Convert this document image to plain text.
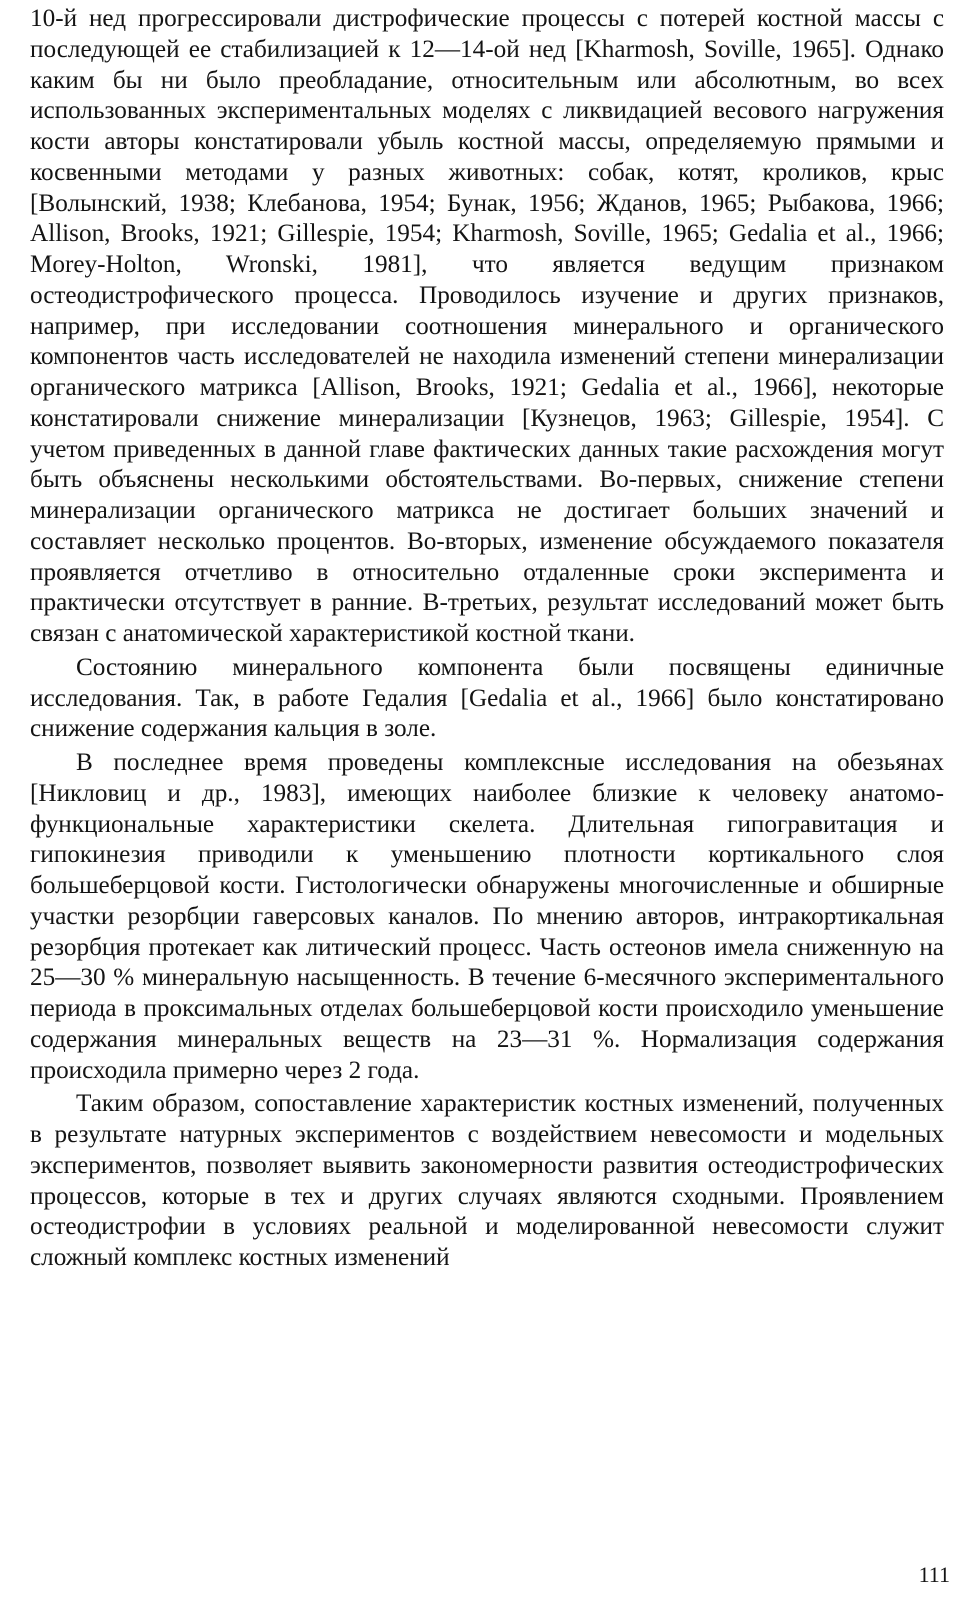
10-й нед прогрессировали дистрофические процессы с потерей костной массы с последующей ее стабилизацией к 12—14-ой нед [Kharmosh, Soville, 1965]. Однако каким бы ни было преобладание, относительным или абсолютным, во всех использованных экспериментальных моделях с ликвидацией весового нагружения кости авторы констатировали убыль костной массы, определяемую прямыми и косвенными методами у разных животных: собак, котят, кроликов, крыс [Волынский, 1938; Клебанова, 1954; Бунак, 1956; Жданов, 1965; Рыбакова, 1966; Allison, Brooks, 1921; Gillespie, 1954; Kharmosh, Soville, 1965; Gedalia et al., 1966; Morey-Holton, Wronski, 1981], что является ведущим признаком остеодистрофического процесса. Проводилось изучение и других признаков, например, при исследовании соотношения минерального и органического компонентов часть исследователей не находила изменений степени минерализации органического матрикса [Allison, Brooks, 1921; Gedalia et al., 1966], некоторые констатировали снижение минерализации [Кузнецов, 1963; Gillespie, 1954]. С учетом приведенных в данной главе фактических данных такие расхождения могут быть объяснены несколькими обстоятельствами. Во-первых, снижение степени минерализации органического матрикса не достигает больших значений и составляет несколько процентов. Во-вторых, изменение обсуждаемого показателя проявляется отчетливо в относительно отдаленные сроки эксперимента и практически отсутствует в ранние. В-третьих, результат исследований может быть связан с анатомической характеристикой костной ткани.

Состоянию минерального компонента были посвящены единичные исследования. Так, в работе Гедалия [Gedalia et al., 1966] было констатировано снижение содержания кальция в золе.

В последнее время проведены комплексные исследования на обезьянах [Никловиц и др., 1983], имеющих наиболее близкие к человеку анатомо-функциональные характеристики скелета. Длительная гипогравитация и гипокинезия приводили к уменьшению плотности кортикального слоя большеберцовой кости. Гистологически обнаружены многочисленные и обширные участки резорбции гаверсовых каналов. По мнению авторов, интракортикальная резорбция протекает как литический процесс. Часть остеонов имела сниженную на 25—30 % минеральную насыщенность. В течение 6-месячного экспериментального периода в проксимальных отделах большеберцовой кости происходило уменьшение содержания минеральных веществ на 23—31 %. Нормализация содержания происходила примерно через 2 года.

Таким образом, сопоставление характеристик костных изменений, полученных в результате натурных экспериментов с воздействием невесомости и модельных экспериментов, позволяет выявить закономерности развития остеодистрофических процессов, которые в тех и других случаях являются сходными. Проявлением остеодистрофии в условиях реальной и моделированной невесомости служит сложный комплекс костных изменений

111
